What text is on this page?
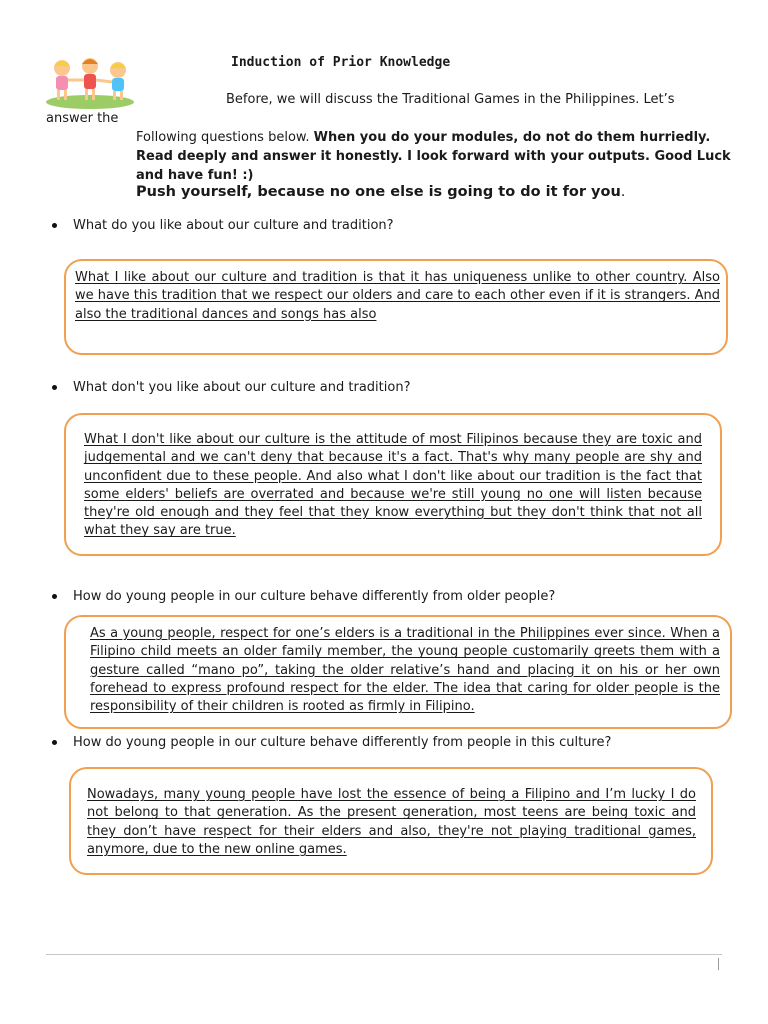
Induction of Prior Knowledge
Before, we will discuss the Traditional Games in the Philippines. Let’s
answer the
Following questions below. When you do your modules, do not do them hurriedly. Read deeply and answer it honestly. I look forward with your outputs. Good Luck and have fun! :)
Push yourself, because no one else is going to do it for you.
What do you like about our culture and tradition?
What I like about our culture and tradition is that it has uniqueness unlike to other country. Also we have this tradition that we respect our olders and care to each other even if it is strangers. And also the traditional dances and songs has also
What don't you like about our culture and tradition?
What I don't like about our culture is the attitude of most Filipinos because they are toxic and judgemental and we can't deny that because it's a fact. That's why many people are shy and unconfident due to these people. And also what I don't like about our tradition is the fact that some elders' beliefs are overrated and because we're still young no one will listen because they're old enough and they feel that they know everything but they don't think that not all what they say are true.
How do young people in our culture behave differently from older people?
As a young people, respect for one’s elders is a traditional in the Philippines ever since. When a Filipino child meets an older family member, the young people customarily greets them with a gesture called “mano po”, taking the older relative’s hand and placing it on his or her own forehead to express profound respect for the elder. The idea that caring for older people is the responsibility of their children is rooted as firmly in Filipino.
How do young people in our culture behave differently from people in this culture?
Nowadays, many young people have lost the essence of being a Filipino and I’m lucky I do not belong to that generation. As the present generation, most teens are being toxic and they don’t have respect for their elders and also, they're not playing traditional games, anymore, due to the new online games.
